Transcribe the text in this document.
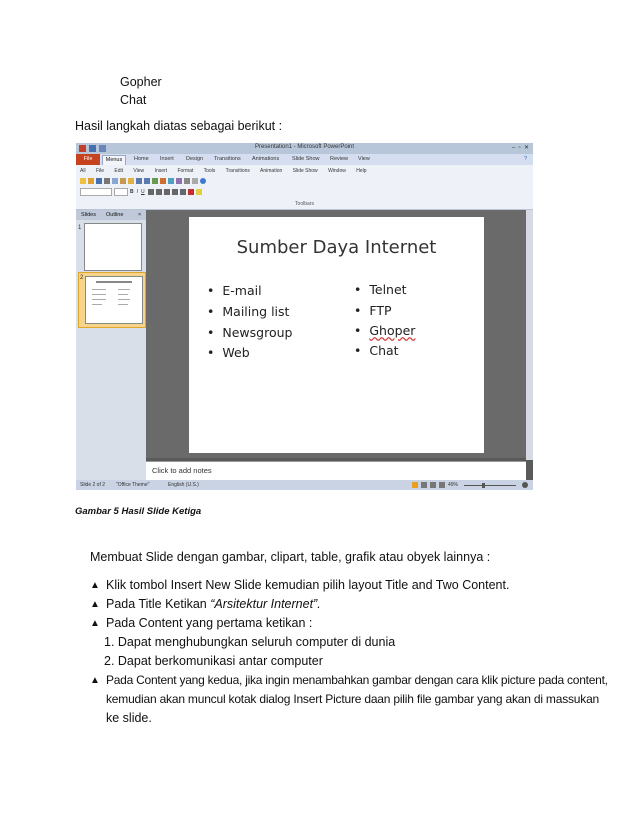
Gopher
Chat
Hasil langkah diatas sebagai berikut :
Presentation1 - Microsoft PowerPoint	–  ▫  ✕
Home Insert Design Transitions Animations Slide Show Review View	?
File	Menus
All File Edit View Insert Format Tools Transitions Animation Slide Show Window Help
B I U
Toolbars
Slides Outline	×
1
2
Sumber Daya Internet
• E-mail
• Mailing list
• Newsgroup
• Web
• Telnet
• FTP
• Ghoper
• Chat
Click to add notes
Slide 2 of 2 "Office Theme"	English (U.S.)	49%
Gambar 5 Hasil Slide Ketiga
Membuat Slide dengan gambar, clipart, table, grafik atau obyek lainnya :
▲ Klik tombol Insert New Slide kemudian pilih layout Title and Two Content.
▲ Pada Title Ketikan “Arsitektur Internet”.
▲ Pada Content yang pertama ketikan :
1. Dapat menghubungkan seluruh computer di dunia
2. Dapat berkomunikasi antar computer
▲ Pada Content yang kedua, jika ingin menambahkan gambar dengan cara klik picture pada content,
kemudian akan muncul kotak dialog Insert Picture daan pilih file gambar yang akan di massukan
ke slide.
